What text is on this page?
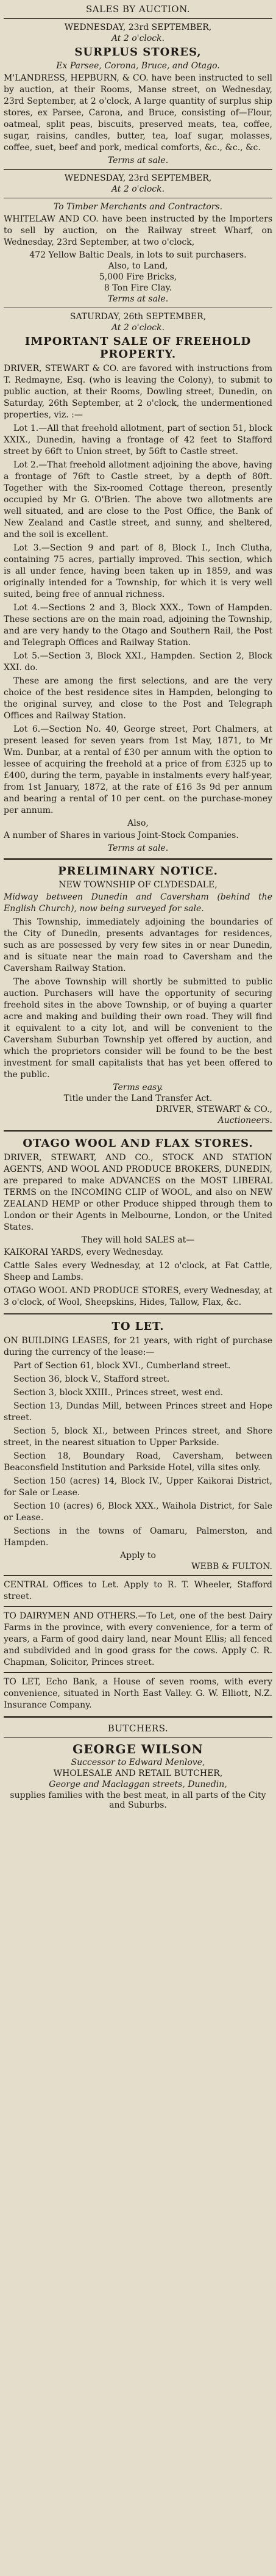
SALES BY AUCTION.
WEDNESDAY, 23rd SEPTEMBER,
At 2 o'clock.
SURPLUS STORES,
Ex Parsee, Corona, Bruce, and Otago.
M'LANDRESS, HEPBURN, & CO. have been instructed to sell by auction, at their Rooms, Manse street, on Wednesday, 23rd September, at 2 o'clock, A large quantity of surplus ship stores, ex Parsee, Carona, and Bruce, consisting of—Flour, oatmeal, split peas, biscuits, preserved meats, tea, coffee, sugar, raisins, candles, butter, tea, loaf sugar, molasses, coffee, suet, beef and pork, medical comforts, &c., &c., &c.
Terms at sale.
WEDNESDAY, 23rd SEPTEMBER,
At 2 o'clock.
To Timber Merchants and Contractors.
WHITELAW AND CO. have been instructed by the Importers to sell by auction, on the Railway street Wharf, on Wednesday, 23rd September, at two o'clock,
472 Yellow Baltic Deals, in lots to suit purchasers.
Also, to Land,
5,000 Fire Bricks,
8 Ton Fire Clay.
Terms at sale.
SATURDAY, 26th SEPTEMBER,
At 2 o'clock.
IMPORTANT SALE OF FREEHOLD PROPERTY.
DRIVER, STEWART & CO. are favored with instructions from T. Redmayne, Esq. (who is leaving the Colony), to submit to public auction, at their Rooms, Dowling street, Dunedin, on Saturday, 26th September, at 2 o'clock, the undermentioned properties, viz. :—
Lot 1.—All that freehold allotment, part of section 51, block XXIX., Dunedin, having a frontage of 42 feet to Stafford street by 66ft to Union street, by 56ft to Castle street.
Lot 2.—That freehold allotment adjoining the above, having a frontage of 76ft to Castle street, by a depth of 80ft. Together with the Six-roomed Cottage thereon, presently occupied by Mr G. O'Brien. The above two allotments are well situated, and are close to the Post Office, the Bank of New Zealand and Castle street, and sunny, and sheltered, and the soil is excellent.
Lot 3.—Section 9 and part of 8, Block I., Inch Clutha, containing 75 acres, partially improved. This section, which is all under fence, having been taken up in 1859, and was originally intended for a Township, for which it is very well suited, being free of annual richness.
Lot 4.—Sections 2 and 3, Block XXX., Town of Hampden. These sections are on the main road, adjoining the Township, and are very handy to the Otago and Southern Rail, the Post and Telegraph Offices and Railway Station.
Lot 5.—Section 3, Block XXI., Hampden. Section 2, Block XXI. do.
These are among the first selections, and are the very choice of the best residence sites in Hampden, belonging to the original survey, and close to the Post and Telegraph Offices and Railway Station.
Lot 6.—Section No. 40, George street, Port Chalmers, at present leased for seven years from 1st May, 1871, to Mr Wm. Dunbar, at a rental of £30 per annum with the option to lessee of acquiring the freehold at a price of from £325 up to £400, during the term, payable in instalments every half-year, from 1st January, 1872, at the rate of £16 3s 9d per annum and bearing a rental of 10 per cent. on the purchase-money per annum.
Also,
A number of Shares in various Joint-Stock Companies.
Terms at sale.
PRELIMINARY NOTICE.
NEW TOWNSHIP OF CLYDESDALE,
Midway between Dunedin and Caversham (behind the English Church), now being surveyed for sale.
This Township, immediately adjoining the boundaries of the City of Dunedin, presents advantages for residences, such as are possessed by very few sites in or near Dunedin, and is situate near the main road to Caversham and the Caversham Railway Station.
The above Township will shortly be submitted to public auction. Purchasers will have the opportunity of securing freehold sites in the above Township, or of buying a quarter acre and making and building their own road. They will find it equivalent to a city lot, and will be convenient to the Caversham Suburban Township yet offered by auction, and which the proprietors consider will be found to be the best investment for small capitalists that has yet been offered to the public.
Terms easy.
Title under the Land Transfer Act.
DRIVER, STEWART & CO.,
Auctioneers.
OTAGO WOOL AND FLAX STORES.
DRIVER, STEWART, AND CO., STOCK AND STATION AGENTS, AND WOOL AND PRODUCE BROKERS, DUNEDIN, are prepared to make ADVANCES on the MOST LIBERAL TERMS on the INCOMING CLIP of WOOL, and also on NEW ZEALAND HEMP or other Produce shipped through them to London or their Agents in Melbourne, London, or the United States.
They will hold SALES at—
KAIKORAI YARDS, every Wednesday.
Cattle Sales every Wednesday, at 12 o'clock, at Fat Cattle, Sheep and Lambs.
OTAGO WOOL AND PRODUCE STORES, every Wednesday, at 3 o'clock, of Wool, Sheepskins, Hides, Tallow, Flax, &c.
TO LET.
ON BUILDING LEASES, for 21 years, with right of purchase during the currency of the lease:—
Part of Section 61, block XVI., Cumberland street.
Section 36, block V., Stafford street.
Section 3, block XXIII., Princes street, west end.
Section 13, Dundas Mill, between Princes street and Hope street.
Section 5, block XI., between Princes street, and Shore street, in the nearest situation to Upper Parkside.
Section 18, Boundary Road, Caversham, between Beaconsfield Institution and Parkside Hotel, villa sites only.
Section 150 (acres) 14, Block IV., Upper Kaikorai District, for Sale or Lease.
Section 10 (acres) 6, Block XXX., Waihola District, for Sale or Lease.
Sections in the towns of Oamaru, Palmerston, and Hampden.
Apply to
WEBB & FULTON.
CENTRAL Offices to Let. Apply to R. T. Wheeler, Stafford street.
TO DAIRYMEN AND OTHERS.—To Let, one of the best Dairy Farms in the province, with every convenience, for a term of years, a Farm of good dairy land, near Mount Ellis; all fenced and subdivided and in good grass for the cows. Apply C. R. Chapman, Solicitor, Princes street.
TO LET, Echo Bank, a House of seven rooms, with every convenience, situated in North East Valley. G. W. Elliott, N.Z. Insurance Company.
BUTCHERS.
GEORGE WILSON
Successor to Edward Menlove,
WHOLESALE AND RETAIL BUTCHER,
George and Maclaggan streets, Dunedin,
supplies families with the best meat, in all parts of the City and Suburbs.
